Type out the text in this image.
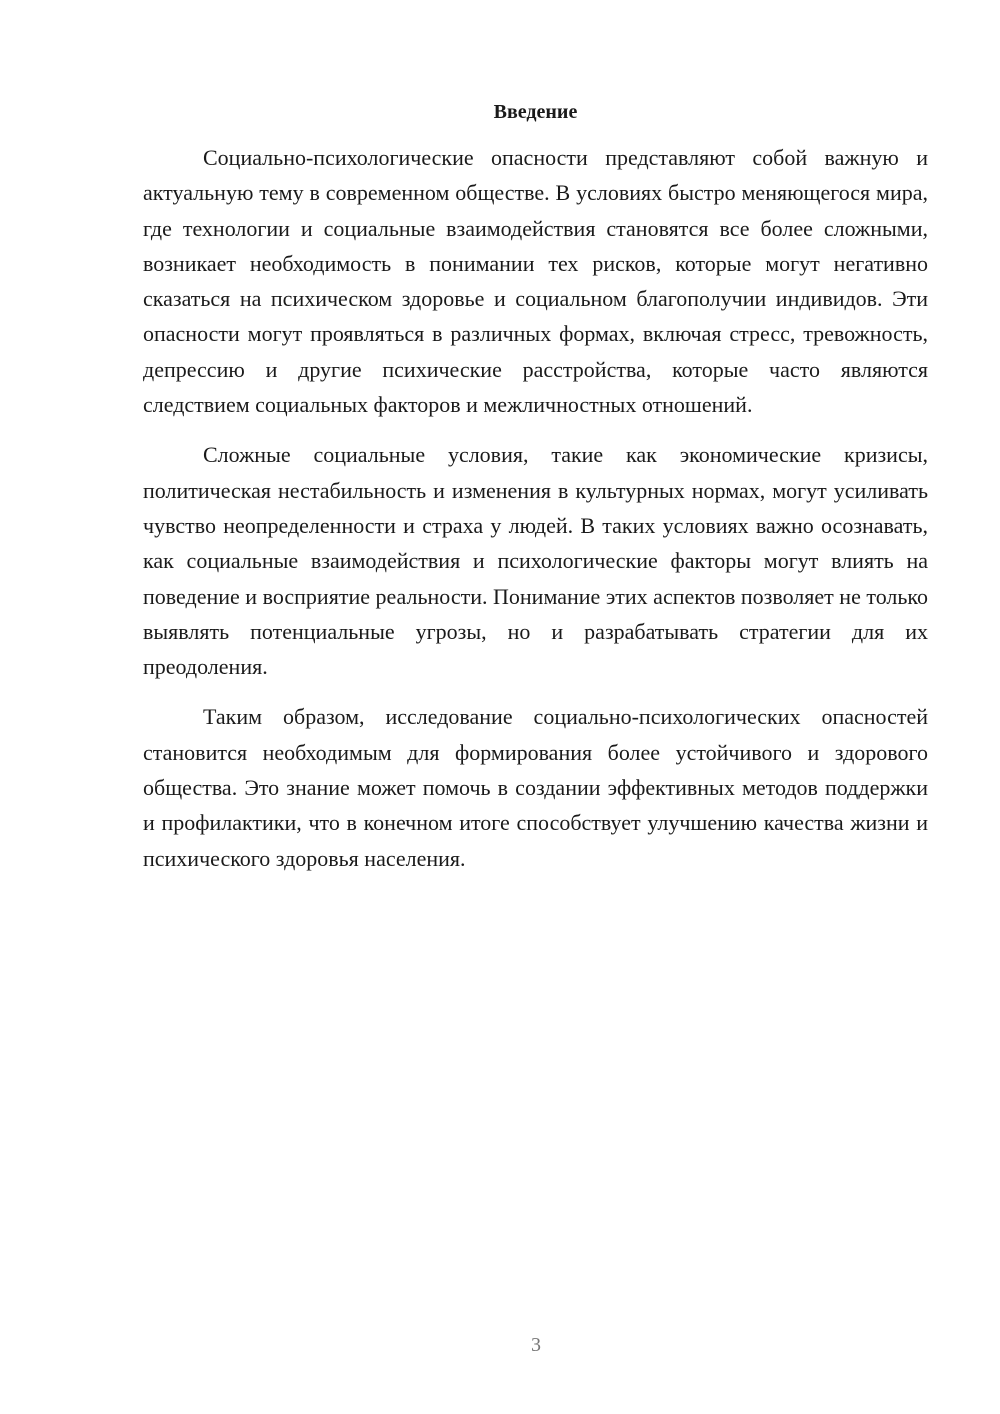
Введение

Социально-психологические опасности представляют собой важную и актуальную тему в современном обществе. В условиях быстро меняющегося мира, где технологии и социальные взаимодействия становятся все более сложными, возникает необходимость в понимании тех рисков, которые могут негативно сказаться на психическом здоровье и социальном благополучии индивидов. Эти опасности могут проявляться в различных формах, включая стресс, тревожность, депрессию и другие психические расстройства, которые часто являются следствием социальных факторов и межличностных отношений.

Сложные социальные условия, такие как экономические кризисы, политическая нестабильность и изменения в культурных нормах, могут усиливать чувство неопределенности и страха у людей. В таких условиях важно осознавать, как социальные взаимодействия и психологические факторы могут влиять на поведение и восприятие реальности. Понимание этих аспектов позволяет не только выявлять потенциальные угрозы, но и разрабатывать стратегии для их преодоления.

Таким образом, исследование социально-психологических опасностей становится необходимым для формирования более устойчивого и здорового общества. Это знание может помочь в создании эффективных методов поддержки и профилактики, что в конечном итоге способствует улучшению качества жизни и психического здоровья населения.

3
